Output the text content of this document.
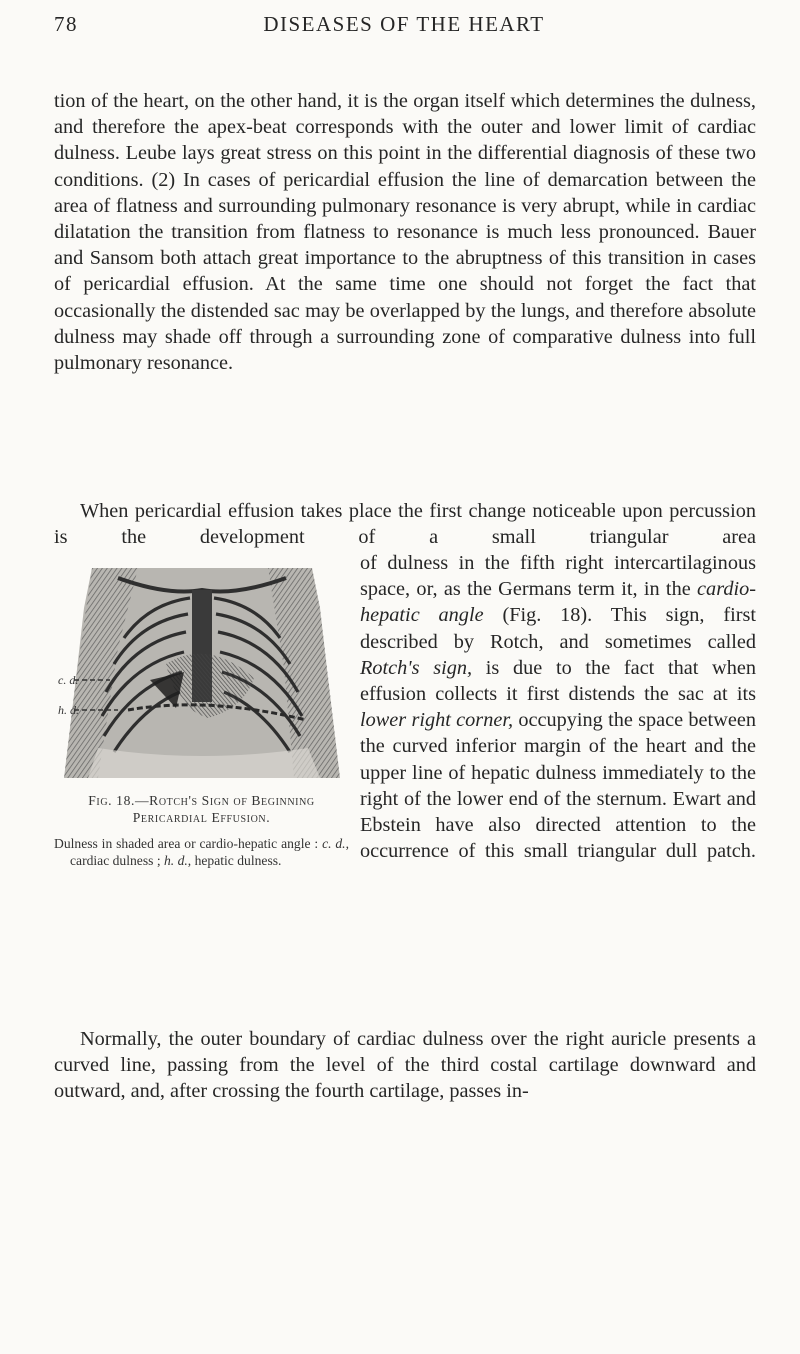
78	DISEASES OF THE HEART

tion of the heart, on the other hand, it is the organ itself which determines the dulness, and therefore the apex-beat corresponds with the outer and lower limit of cardiac dulness. Leube lays great stress on this point in the differential diagnosis of these two conditions. (2) In cases of pericardial effusion the line of demarcation between the area of flatness and surrounding pulmonary resonance is very abrupt, while in cardiac dilatation the transition from flatness to resonance is much less pronounced. Bauer and Sansom both attach great importance to the abruptness of this transition in cases of pericardial effusion. At the same time one should not forget the fact that occasionally the distended sac may be overlapped by the lungs, and therefore absolute dulness may shade off through a surrounding zone of comparative dulness into full pulmonary resonance.

When pericardial effusion takes place the first change noticeable upon percussion is the development of a small triangular area

of dulness in the fifth right intercartilaginous space, or, as the Germans term it, in the cardio-hepatic angle (Fig. 18). This sign, first described by Rotch, and sometimes called Rotch's sign, is due to the fact that when effusion collects it first distends the sac at its lower right corner, occupying the space between the curved inferior margin of the heart and the upper line of hepatic dulness immediately to the right of the lower end of the sternum. Ewart and Ebstein have also directed attention to the occurrence of this small triangular dull patch.

Normally, the outer boundary of cardiac dulness over the right auricle presents a curved line, passing from the level of the third costal cartilage downward and outward, and, after crossing the fourth cartilage, passes in-

c. d.
h. d.
Fig. 18.—Rotch's Sign of Beginning Pericardial Effusion.
Dulness in shaded area or cardio-hepatic angle : c. d., cardiac dulness ; h. d., hepatic dulness.
